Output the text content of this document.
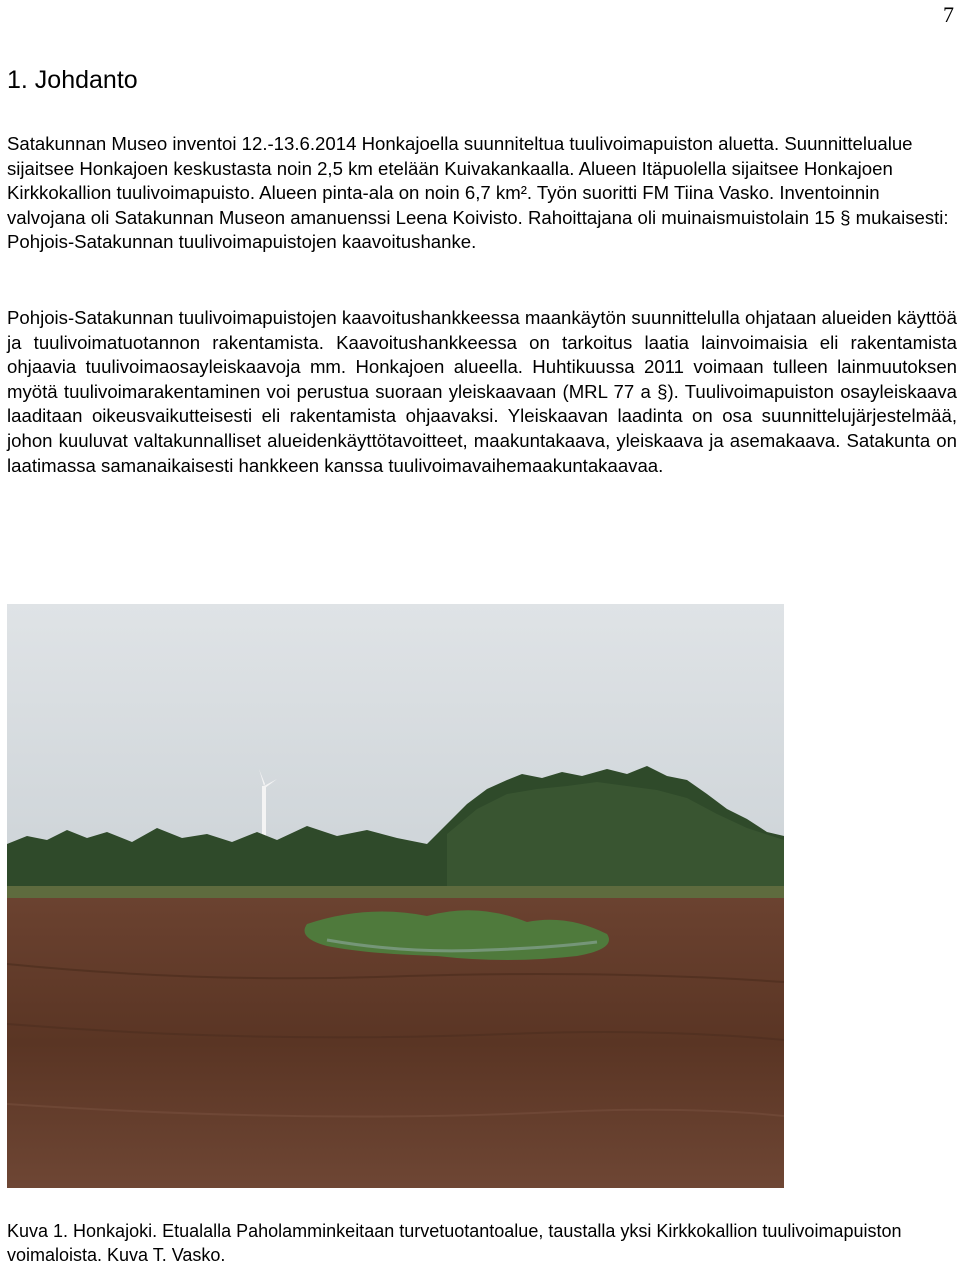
7
1. Johdanto

Satakunnan Museo inventoi 12.-13.6.2014 Honkajoella suunniteltua tuulivoimapuiston aluetta. Suunnittelualue sijaitsee Honkajoen keskustasta noin 2,5 km etelään Kuivakankaalla. Alueen Itäpuolella sijaitsee Honkajoen Kirkkokallion tuulivoimapuisto. Alueen pinta-ala on noin 6,7 km². Työn suoritti FM Tiina Vasko. Inventoinnin valvojana oli Satakunnan Museon amanuenssi Leena Koivisto. Rahoittajana oli muinaismuistolain 15 § mukaisesti: Pohjois-Satakunnan tuulivoimapuistojen kaavoitushanke.

Pohjois-Satakunnan tuulivoimapuistojen kaavoitushankkeessa maankäytön suunnittelulla ohjataan alueiden käyttöä ja tuulivoimatuotannon rakentamista. Kaavoitushankkeessa on tarkoitus laatia lainvoimaisia eli rakentamista ohjaavia tuulivoimaosayleiskaavoja mm. Honkajoen alueella. Huhtikuussa 2011 voimaan tulleen lainmuutoksen myötä tuulivoimarakentaminen voi perustua suoraan yleiskaavaan (MRL 77 a §). Tuulivoimapuiston osayleiskaava laaditaan oikeusvaikutteisesti eli rakentamista ohjaavaksi. Yleiskaavan laadinta on osa suunnittelujärjestelmää, johon kuuluvat valtakunnalliset alueidenkäyttötavoitteet, maakuntakaava, yleiskaava ja asemakaava. Satakunta on laatimassa samanaikaisesti hankkeen kanssa tuulivoimavaihemaakuntakaavaa.

Kuva 1. Honkajoki. Etualalla Paholamminkeitaan turvetuotantoalue, taustalla yksi Kirkkokallion tuulivoimapuiston voimaloista. Kuva T. Vasko.
